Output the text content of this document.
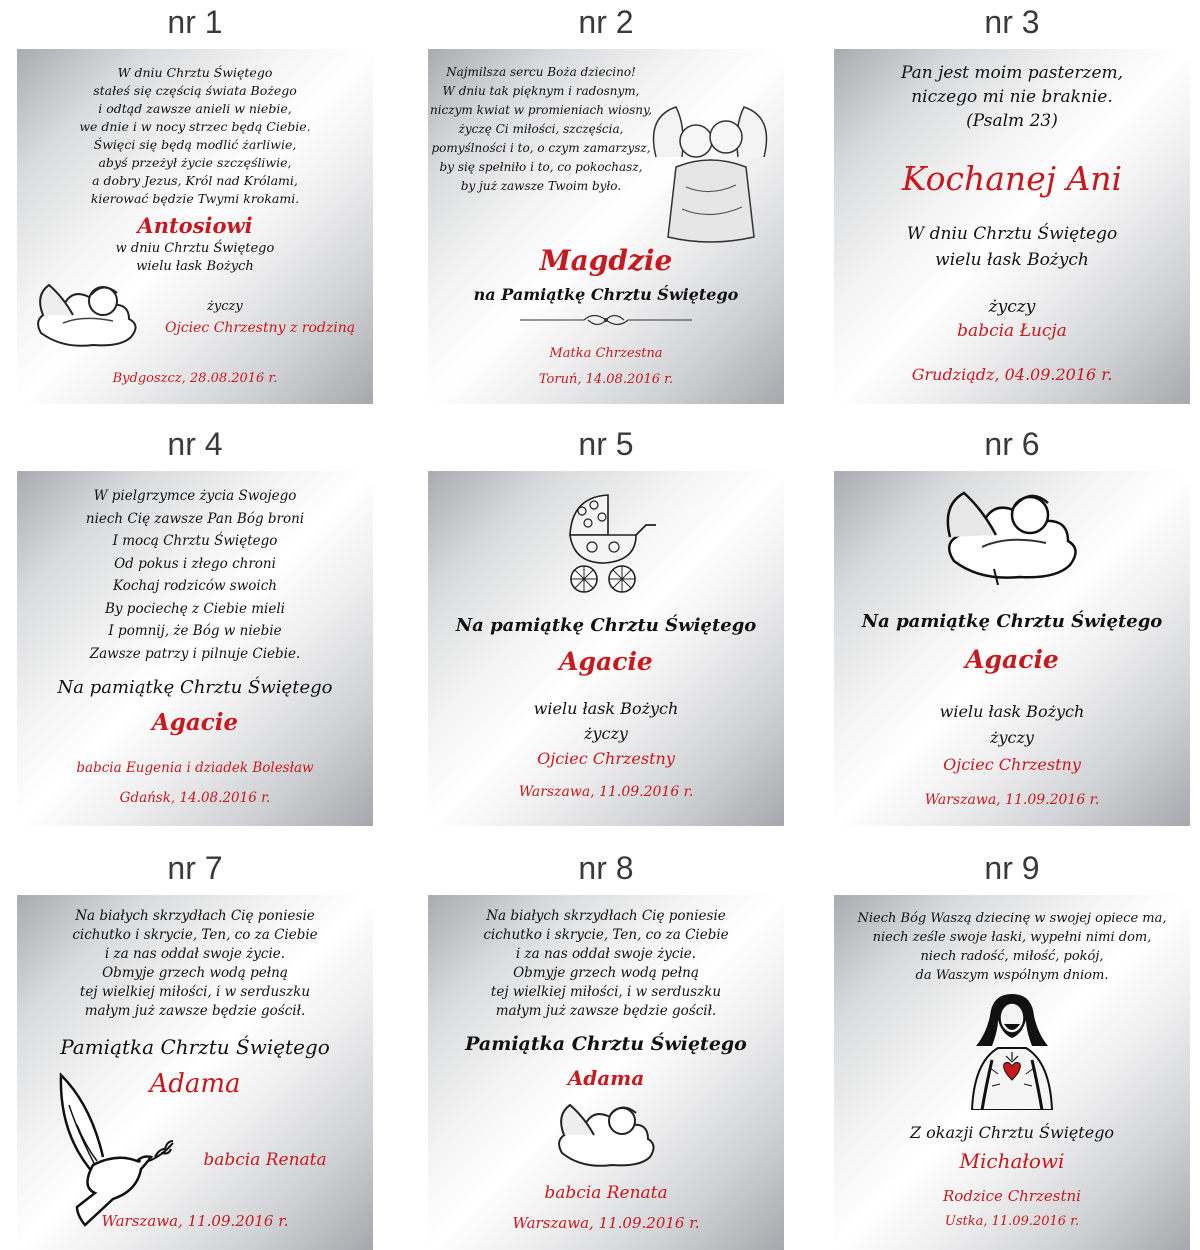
nr 1
W dniu Chrztu Świętego
stałeś się częścią świata Bożego
i odtąd zawsze anieli w niebie,
we dnie i w nocy strzec będą Ciebie.
Święci się będą modlić żarliwie,
abyś przeżył życie szczęśliwie,
a dobry Jezus, Król nad Królami,
kierować będzie Twymi krokami.
Antosiowi
w dniu Chrztu Świętego
wielu łask Bożych
życzy
Ojciec Chrzestny z rodziną
Bydgoszcz, 28.08.2016 r.
nr 2
Najmilsza sercu Boża dziecino!
W dniu tak pięknym i radosnym,
niczym kwiat w promieniach wiosny,
życzę Ci miłości, szczęścia,
pomyślności i to, o czym zamarzysz,
by się spełniło i to, co pokochasz,
by już zawsze Twoim było.
Magdzie
na Pamiątkę Chrztu Świętego
Matka Chrzestna
Toruń, 14.08.2016 r.
nr 3
Pan jest moim pasterzem,
niczego mi nie braknie.
(Psalm 23)
Kochanej Ani
W dniu Chrztu Świętego
wielu łask Bożych
życzy
babcia Łucja
Grudziądz, 04.09.2016 r.
nr 4
W pielgrzymce życia Swojego
niech Cię zawsze Pan Bóg broni
I mocą Chrztu Świętego
Od pokus i złego chroni
Kochaj rodziców swoich
By pociechę z Ciebie mieli
I pomnij, że Bóg w niebie
Zawsze patrzy i pilnuje Ciebie.
Na pamiątkę Chrztu Świętego
Agacie
babcia Eugenia i dziadek Bolesław
Gdańsk, 14.08.2016 r.
nr 5
Na pamiątkę Chrztu Świętego
Agacie
wielu łask Bożych
życzy
Ojciec Chrzestny
Warszawa, 11.09.2016 r.
nr 6
Na pamiątkę Chrztu Świętego
Agacie
wielu łask Bożych
życzy
Ojciec Chrzestny
Warszawa, 11.09.2016 r.
nr 7
Na białych skrzydłach Cię poniesie
cichutko i skrycie, Ten, co za Ciebie
i za nas oddał swoje życie.
Obmyje grzech wodą pełną
tej wielkiej miłości, i w serduszku
małym już zawsze będzie gościł.
Pamiątka Chrztu Świętego
Adama
babcia Renata
Warszawa, 11.09.2016 r.
nr 8
Na białych skrzydłach Cię poniesie
cichutko i skrycie, Ten, co za Ciebie
i za nas oddał swoje życie.
Obmyje grzech wodą pełną
tej wielkiej miłości, i w serduszku
małym już zawsze będzie gościł.
Pamiątka Chrztu Świętego
Adama
babcia Renata
Warszawa, 11.09.2016 r.
nr 9
Niech Bóg Waszą dziecinę w swojej opiece ma,
niech ześle swoje łaski, wypełni nimi dom,
niech radość, miłość, pokój,
da Waszym wspólnym dniom.
Z okazji Chrztu Świętego
Michałowi
Rodzice Chrzestni
Ustka, 11.09.2016 r.
